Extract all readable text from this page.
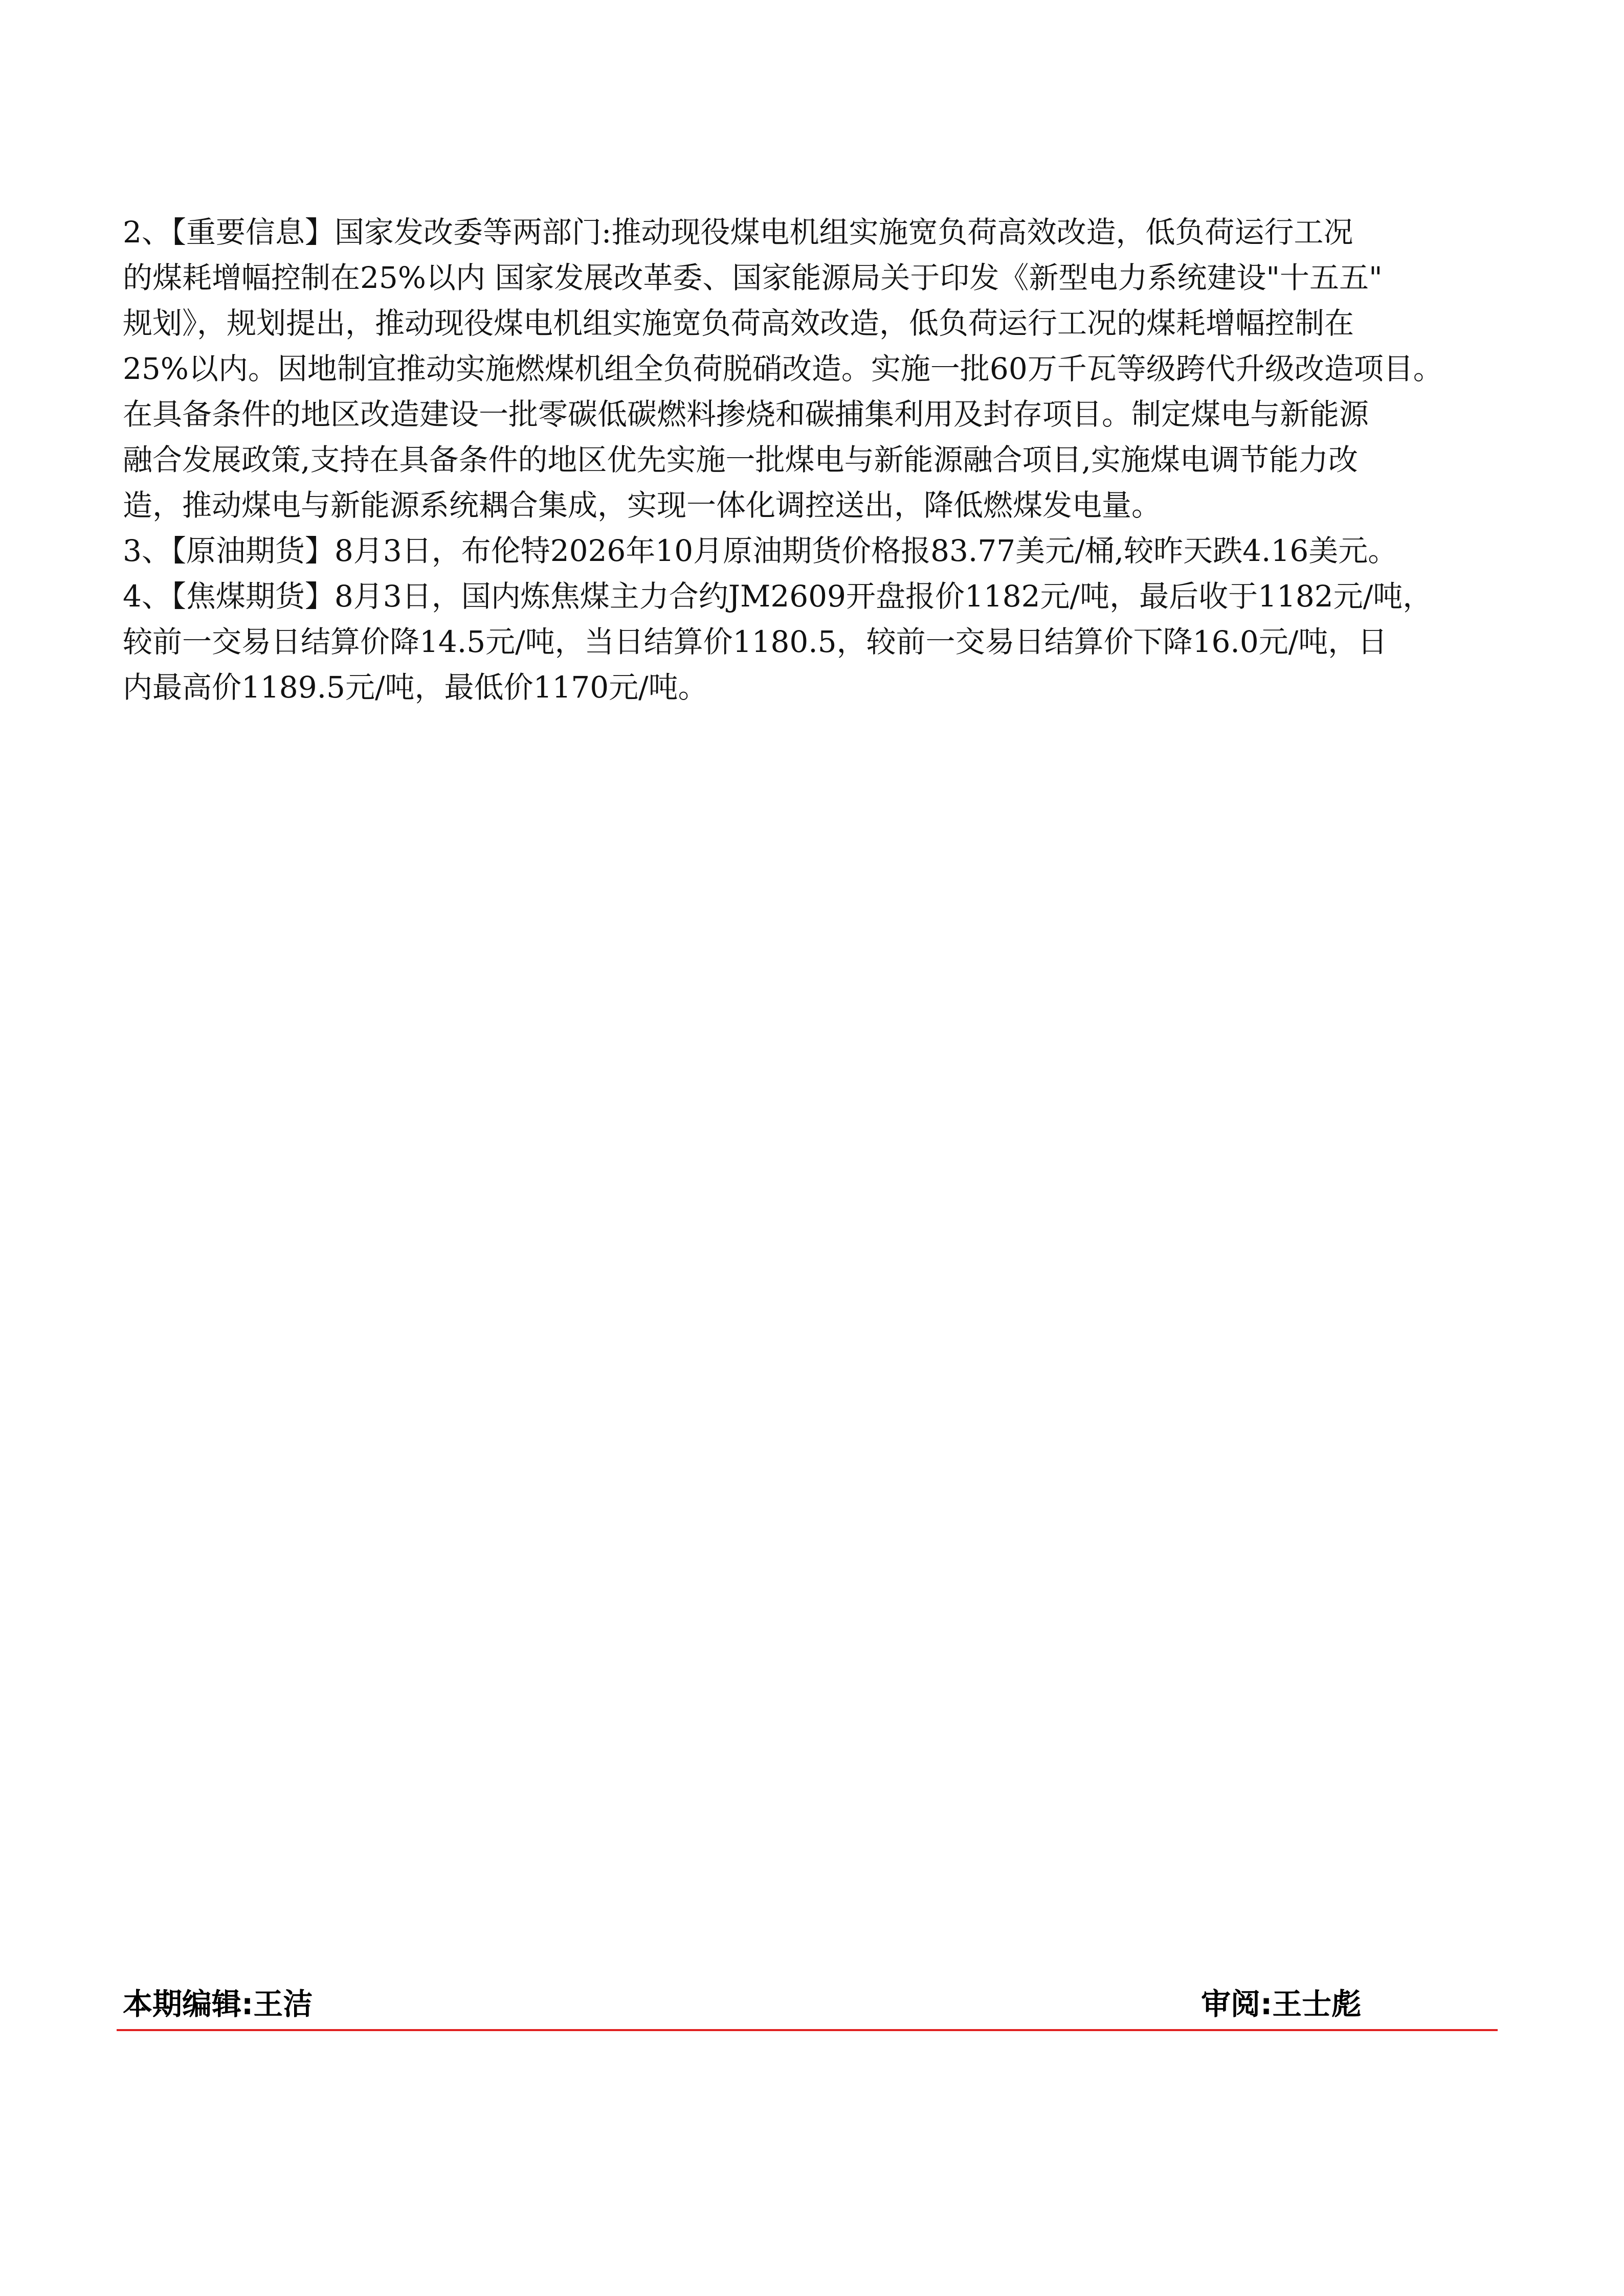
2、【重要信息】国家发改委等两部门:推动现役煤电机组实施宽负荷高效改造，低负荷运行工况
的煤耗增幅控制在25%以内 国家发展改革委、国家能源局关于印发《新型电力系统建设"十五五"
规划》，规划提出，推动现役煤电机组实施宽负荷高效改造，低负荷运行工况的煤耗增幅控制在
25%以内。因地制宜推动实施燃煤机组全负荷脱硝改造。实施一批60万千瓦等级跨代升级改造项目。
在具备条件的地区改造建设一批零碳低碳燃料掺烧和碳捕集利用及封存项目。制定煤电与新能源
融合发展政策,支持在具备条件的地区优先实施一批煤电与新能源融合项目,实施煤电调节能力改
造，推动煤电与新能源系统耦合集成，实现一体化调控送出，降低燃煤发电量。
3、【原油期货】8月3日，布伦特2026年10月原油期货价格报83.77美元/桶,较昨天跌4.16美元。
4、【焦煤期货】8月3日，国内炼焦煤主力合约JM2609开盘报价1182元/吨，最后收于1182元/吨，
较前一交易日结算价降14.5元/吨，当日结算价1180.5，较前一交易日结算价下降16.0元/吨，日
内最高价1189.5元/吨，最低价1170元/吨。
本期编辑:王洁	审阅:王士彪
